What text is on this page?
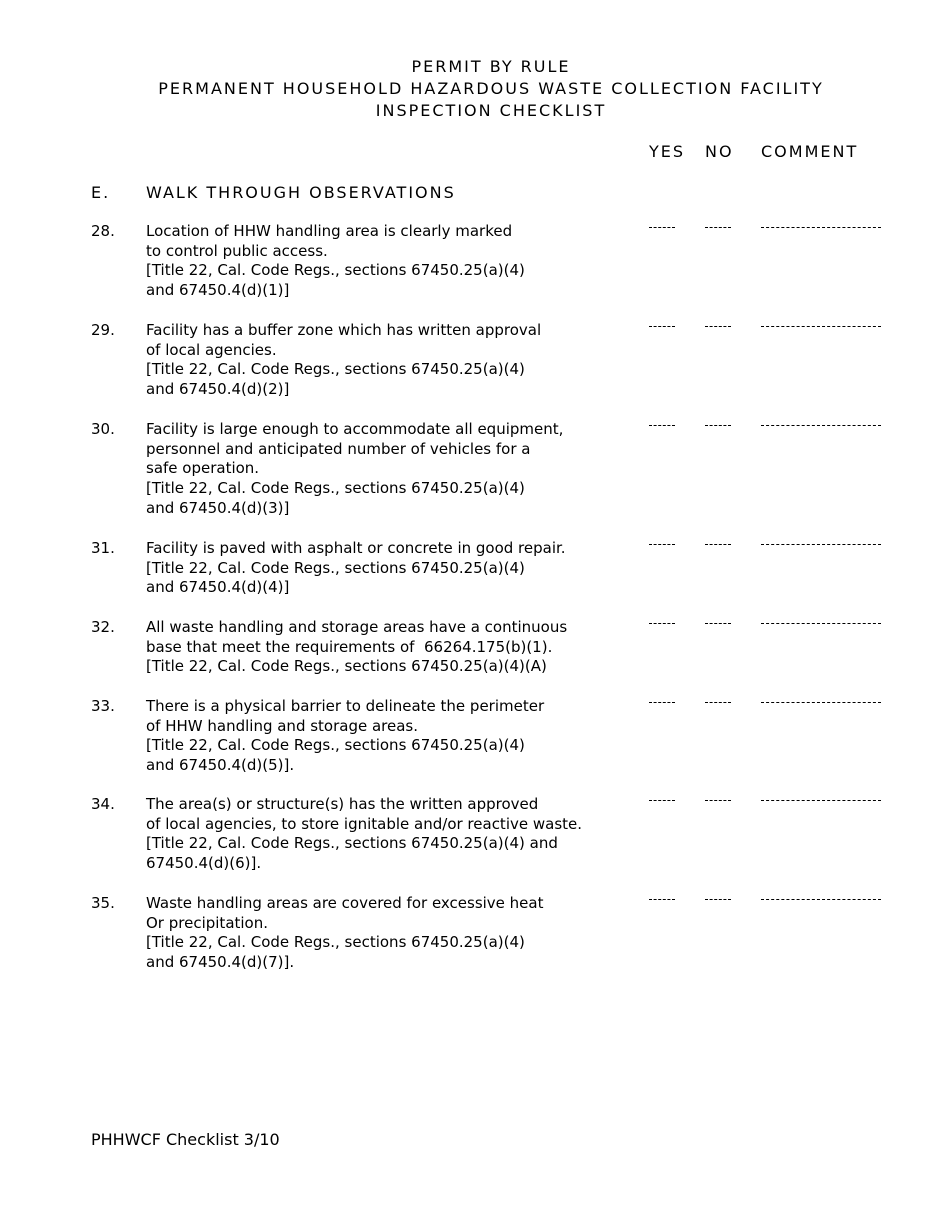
PERMIT BY RULE
PERMANENT HOUSEHOLD HAZARDOUS WASTE COLLECTION FACILITY
INSPECTION CHECKLIST
YES NO COMMENT
E. WALK THROUGH OBSERVATIONS
28. Location of HHW handling area is clearly marked
to control public access.
[Title 22, Cal. Code Regs., sections 67450.25(a)(4)
and 67450.4(d)(1)]
29. Facility has a buffer zone which has written approval
of local agencies.
[Title 22, Cal. Code Regs., sections 67450.25(a)(4)
and 67450.4(d)(2)]
30. Facility is large enough to accommodate all equipment,
personnel and anticipated number of vehicles for a
safe operation.
[Title 22, Cal. Code Regs., sections 67450.25(a)(4)
and 67450.4(d)(3)]
31. Facility is paved with asphalt or concrete in good repair.
[Title 22, Cal. Code Regs., sections 67450.25(a)(4)
and 67450.4(d)(4)]
32. All waste handling and storage areas have a continuous
base that meet the requirements of  66264.175(b)(1).
[Title 22, Cal. Code Regs., sections 67450.25(a)(4)(A)
33. There is a physical barrier to delineate the perimeter
of HHW handling and storage areas.
[Title 22, Cal. Code Regs., sections 67450.25(a)(4)
and 67450.4(d)(5)].
34. The area(s) or structure(s) has the written approved
of local agencies, to store ignitable and/or reactive waste.
[Title 22, Cal. Code Regs., sections 67450.25(a)(4) and
67450.4(d)(6)].
35. Waste handling areas are covered for excessive heat
Or precipitation.
[Title 22, Cal. Code Regs., sections 67450.25(a)(4)
and 67450.4(d)(7)].
PHHWCF Checklist 3/10
